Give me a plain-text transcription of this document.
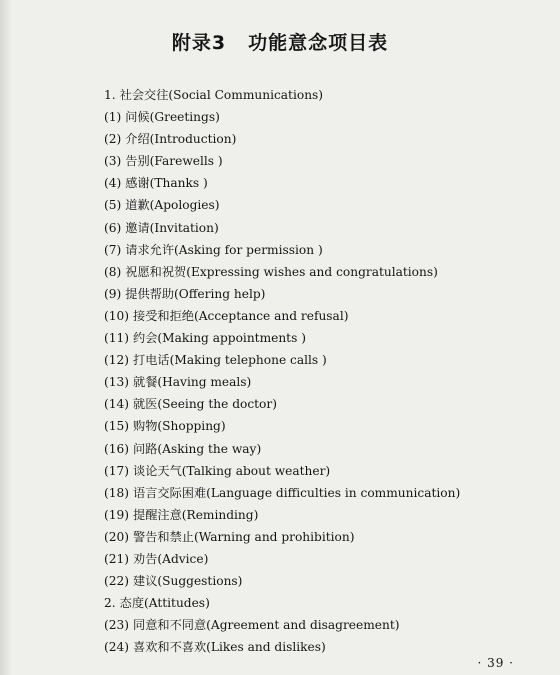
附录3 功能意念项目表
1. 社会交往(Social Communications)
(1) 问候(Greetings)
(2) 介绍(Introduction)
(3) 告别(Farewells )
(4) 感谢(Thanks )
(5) 道歉(Apologies)
(6) 邀请(Invitation)
(7) 请求允许(Asking for permission )
(8) 祝愿和祝贺(Expressing wishes and congratulations)
(9) 提供帮助(Offering help)
(10) 接受和拒绝(Acceptance and refusal)
(11) 约会(Making appointments )
(12) 打电话(Making telephone calls )
(13) 就餐(Having meals)
(14) 就医(Seeing the doctor)
(15) 购物(Shopping)
(16) 问路(Asking the way)
(17) 谈论天气(Talking about weather)
(18) 语言交际困难(Language difficulties in communication)
(19) 提醒注意(Reminding)
(20) 警告和禁止(Warning and prohibition)
(21) 劝告(Advice)
(22) 建议(Suggestions)
2. 态度(Attitudes)
(23) 同意和不同意(Agreement and disagreement)
(24) 喜欢和不喜欢(Likes and dislikes)
· 39 ·
